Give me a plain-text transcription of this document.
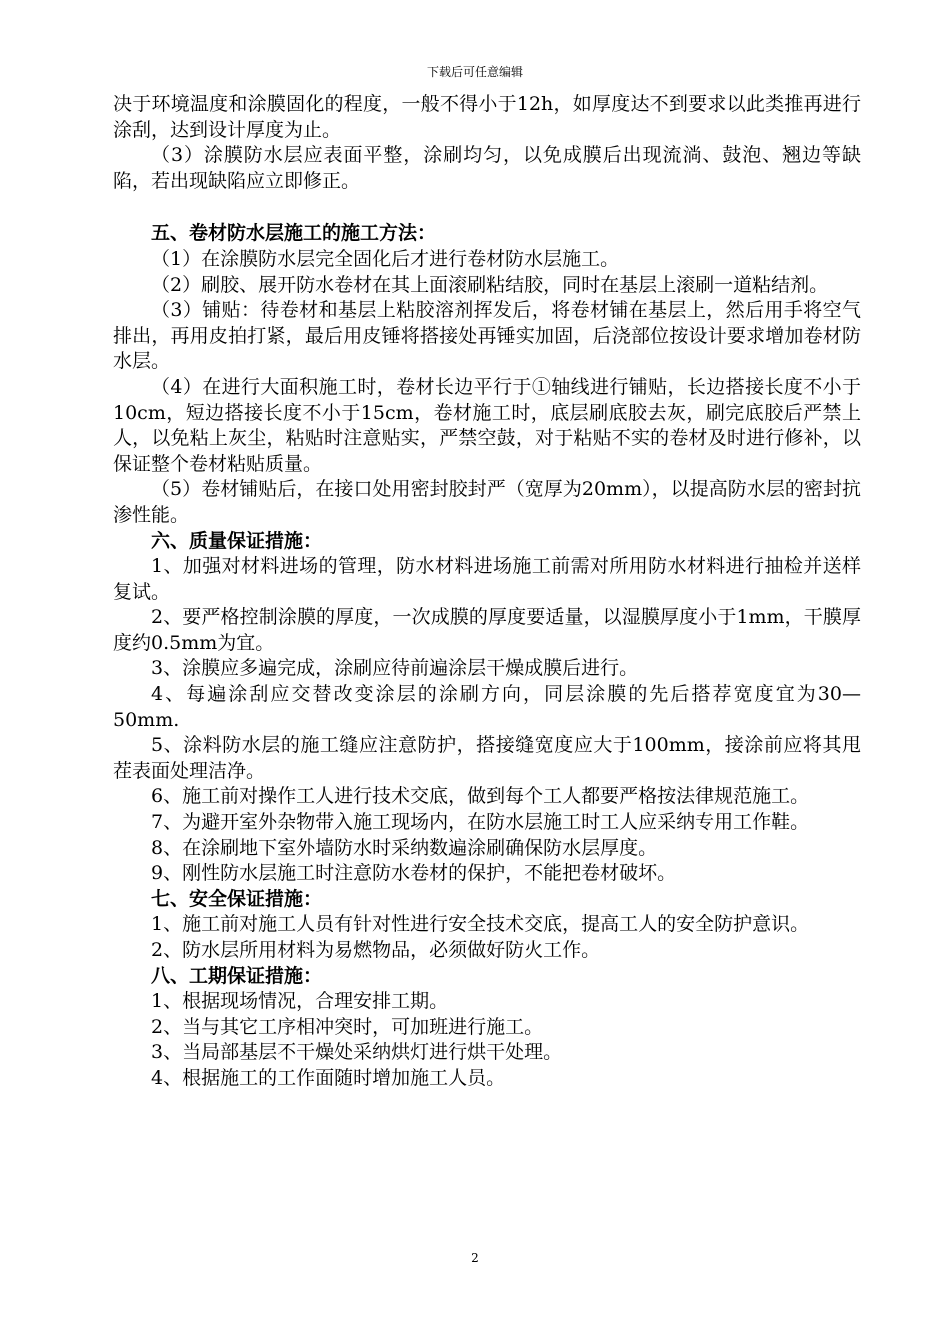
下载后可任意编辑

决于环境温度和涂膜固化的程度，一般不得小于12h，如厚度达不到要求以此类推再进行涂刮，达到设计厚度为止。

（3）涂膜防水层应表面平整，涂刷均匀，以免成膜后出现流淌、鼓泡、翘边等缺陷，若出现缺陷应立即修正。

五、卷材防水层施工的施工方法：

（1）在涂膜防水层完全固化后才进行卷材防水层施工。

（2）刷胶、展开防水卷材在其上面滚刷粘结胶，同时在基层上滚刷一道粘结剂。

（3）铺贴：待卷材和基层上粘胶溶剂挥发后，将卷材铺在基层上，然后用手将空气排出，再用皮拍打紧，最后用皮锤将搭接处再锤实加固，后浇部位按设计要求增加卷材防水层。

（4）在进行大面积施工时，卷材长边平行于①轴线进行铺贴，长边搭接长度不小于10cm，短边搭接长度不小于15cm，卷材施工时，底层刷底胶去灰，刷完底胶后严禁上人，以免粘上灰尘，粘贴时注意贴实，严禁空鼓，对于粘贴不实的卷材及时进行修补，以保证整个卷材粘贴质量。

（5）卷材铺贴后，在接口处用密封胶封严（宽厚为20mm），以提高防水层的密封抗渗性能。

六、质量保证措施：

1、加强对材料进场的管理，防水材料进场施工前需对所用防水材料进行抽检并送样复试。

2、要严格控制涂膜的厚度，一次成膜的厚度要适量，以湿膜厚度小于1mm，干膜厚度约0.5mm为宜。

3、涂膜应多遍完成，涂刷应待前遍涂层干燥成膜后进行。

4、每遍涂刮应交替改变涂层的涂刷方向，同层涂膜的先后搭荐宽度宜为30—50mm.

5、涂料防水层的施工缝应注意防护，搭接缝宽度应大于100mm，接涂前应将其甩茬表面处理洁净。

6、施工前对操作工人进行技术交底，做到每个工人都要严格按法律规范施工。

7、为避开室外杂物带入施工现场内，在防水层施工时工人应采纳专用工作鞋。

8、在涂刷地下室外墙防水时采纳数遍涂刷确保防水层厚度。

9、刚性防水层施工时注意防水卷材的保护，不能把卷材破坏。

七、安全保证措施：

1、施工前对施工人员有针对性进行安全技术交底，提高工人的安全防护意识。

2、防水层所用材料为易燃物品，必须做好防火工作。

八、工期保证措施：

1、根据现场情况，合理安排工期。

2、当与其它工序相冲突时，可加班进行施工。

3、当局部基层不干燥处采纳烘灯进行烘干处理。

4、根据施工的工作面随时增加施工人员。

2
